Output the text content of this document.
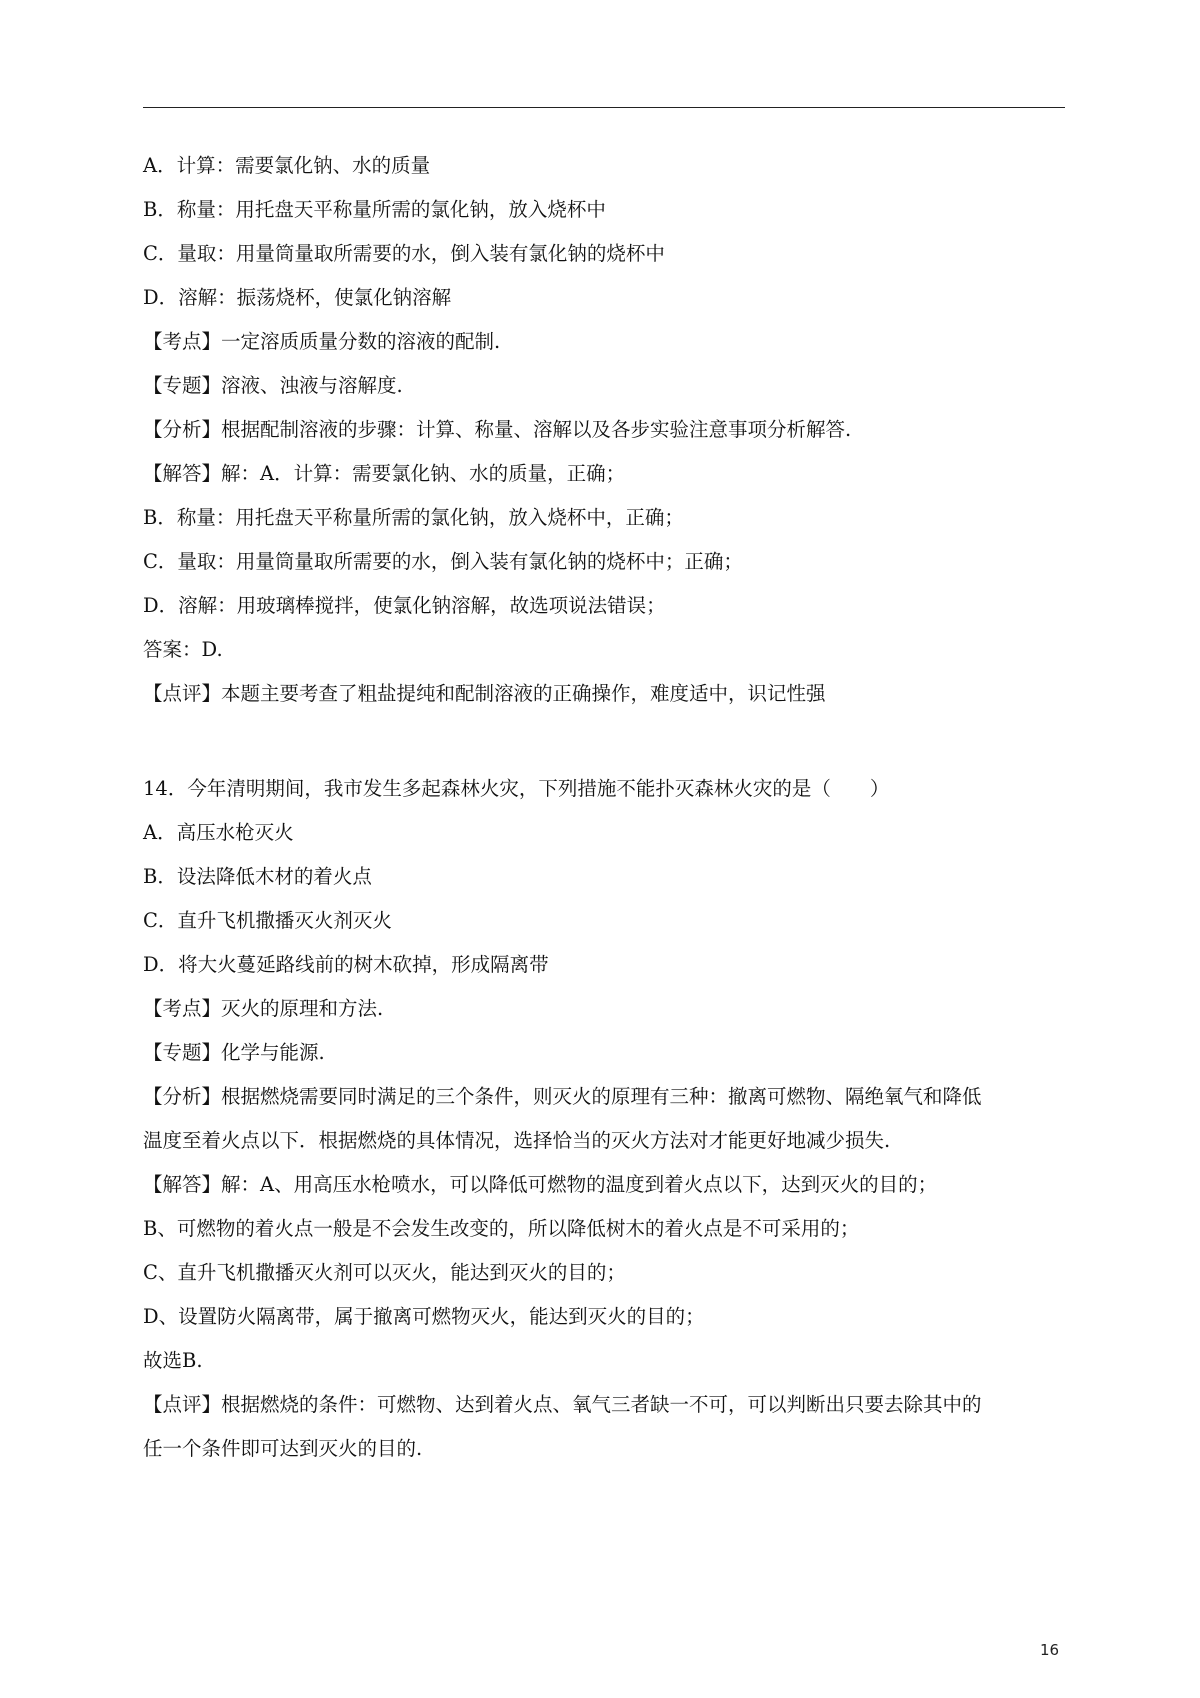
A．计算：需要氯化钠、水的质量
B．称量：用托盘天平称量所需的氯化钠，放入烧杯中
C．量取：用量筒量取所需要的水，倒入装有氯化钠的烧杯中
D．溶解：振荡烧杯，使氯化钠溶解
【考点】一定溶质质量分数的溶液的配制.
【专题】溶液、浊液与溶解度.
【分析】根据配制溶液的步骤：计算、称量、溶解以及各步实验注意事项分析解答.
【解答】解：A．计算：需要氯化钠、水的质量，正确；
B．称量：用托盘天平称量所需的氯化钠，放入烧杯中，正确；
C．量取：用量筒量取所需要的水，倒入装有氯化钠的烧杯中；正确；
D．溶解：用玻璃棒搅拌，使氯化钠溶解，故选项说法错误；
答案：D.
【点评】本题主要考查了粗盐提纯和配制溶液的正确操作，难度适中，识记性强
14．今年清明期间，我市发生多起森林火灾，下列措施不能扑灭森林火灾的是（　　）
A．高压水枪灭火
B．设法降低木材的着火点
C．直升飞机撒播灭火剂灭火
D．将大火蔓延路线前的树木砍掉，形成隔离带
【考点】灭火的原理和方法.
【专题】化学与能源.
【分析】根据燃烧需要同时满足的三个条件，则灭火的原理有三种：撤离可燃物、隔绝氧气和降低
温度至着火点以下．根据燃烧的具体情况，选择恰当的灭火方法对才能更好地减少损失.
【解答】解：A、用高压水枪喷水，可以降低可燃物的温度到着火点以下，达到灭火的目的；
B、可燃物的着火点一般是不会发生改变的，所以降低树木的着火点是不可采用的；
C、直升飞机撒播灭火剂可以灭火，能达到灭火的目的；
D、设置防火隔离带，属于撤离可燃物灭火，能达到灭火的目的；
故选B.
【点评】根据燃烧的条件：可燃物、达到着火点、氧气三者缺一不可，可以判断出只要去除其中的
任一个条件即可达到灭火的目的.
16
